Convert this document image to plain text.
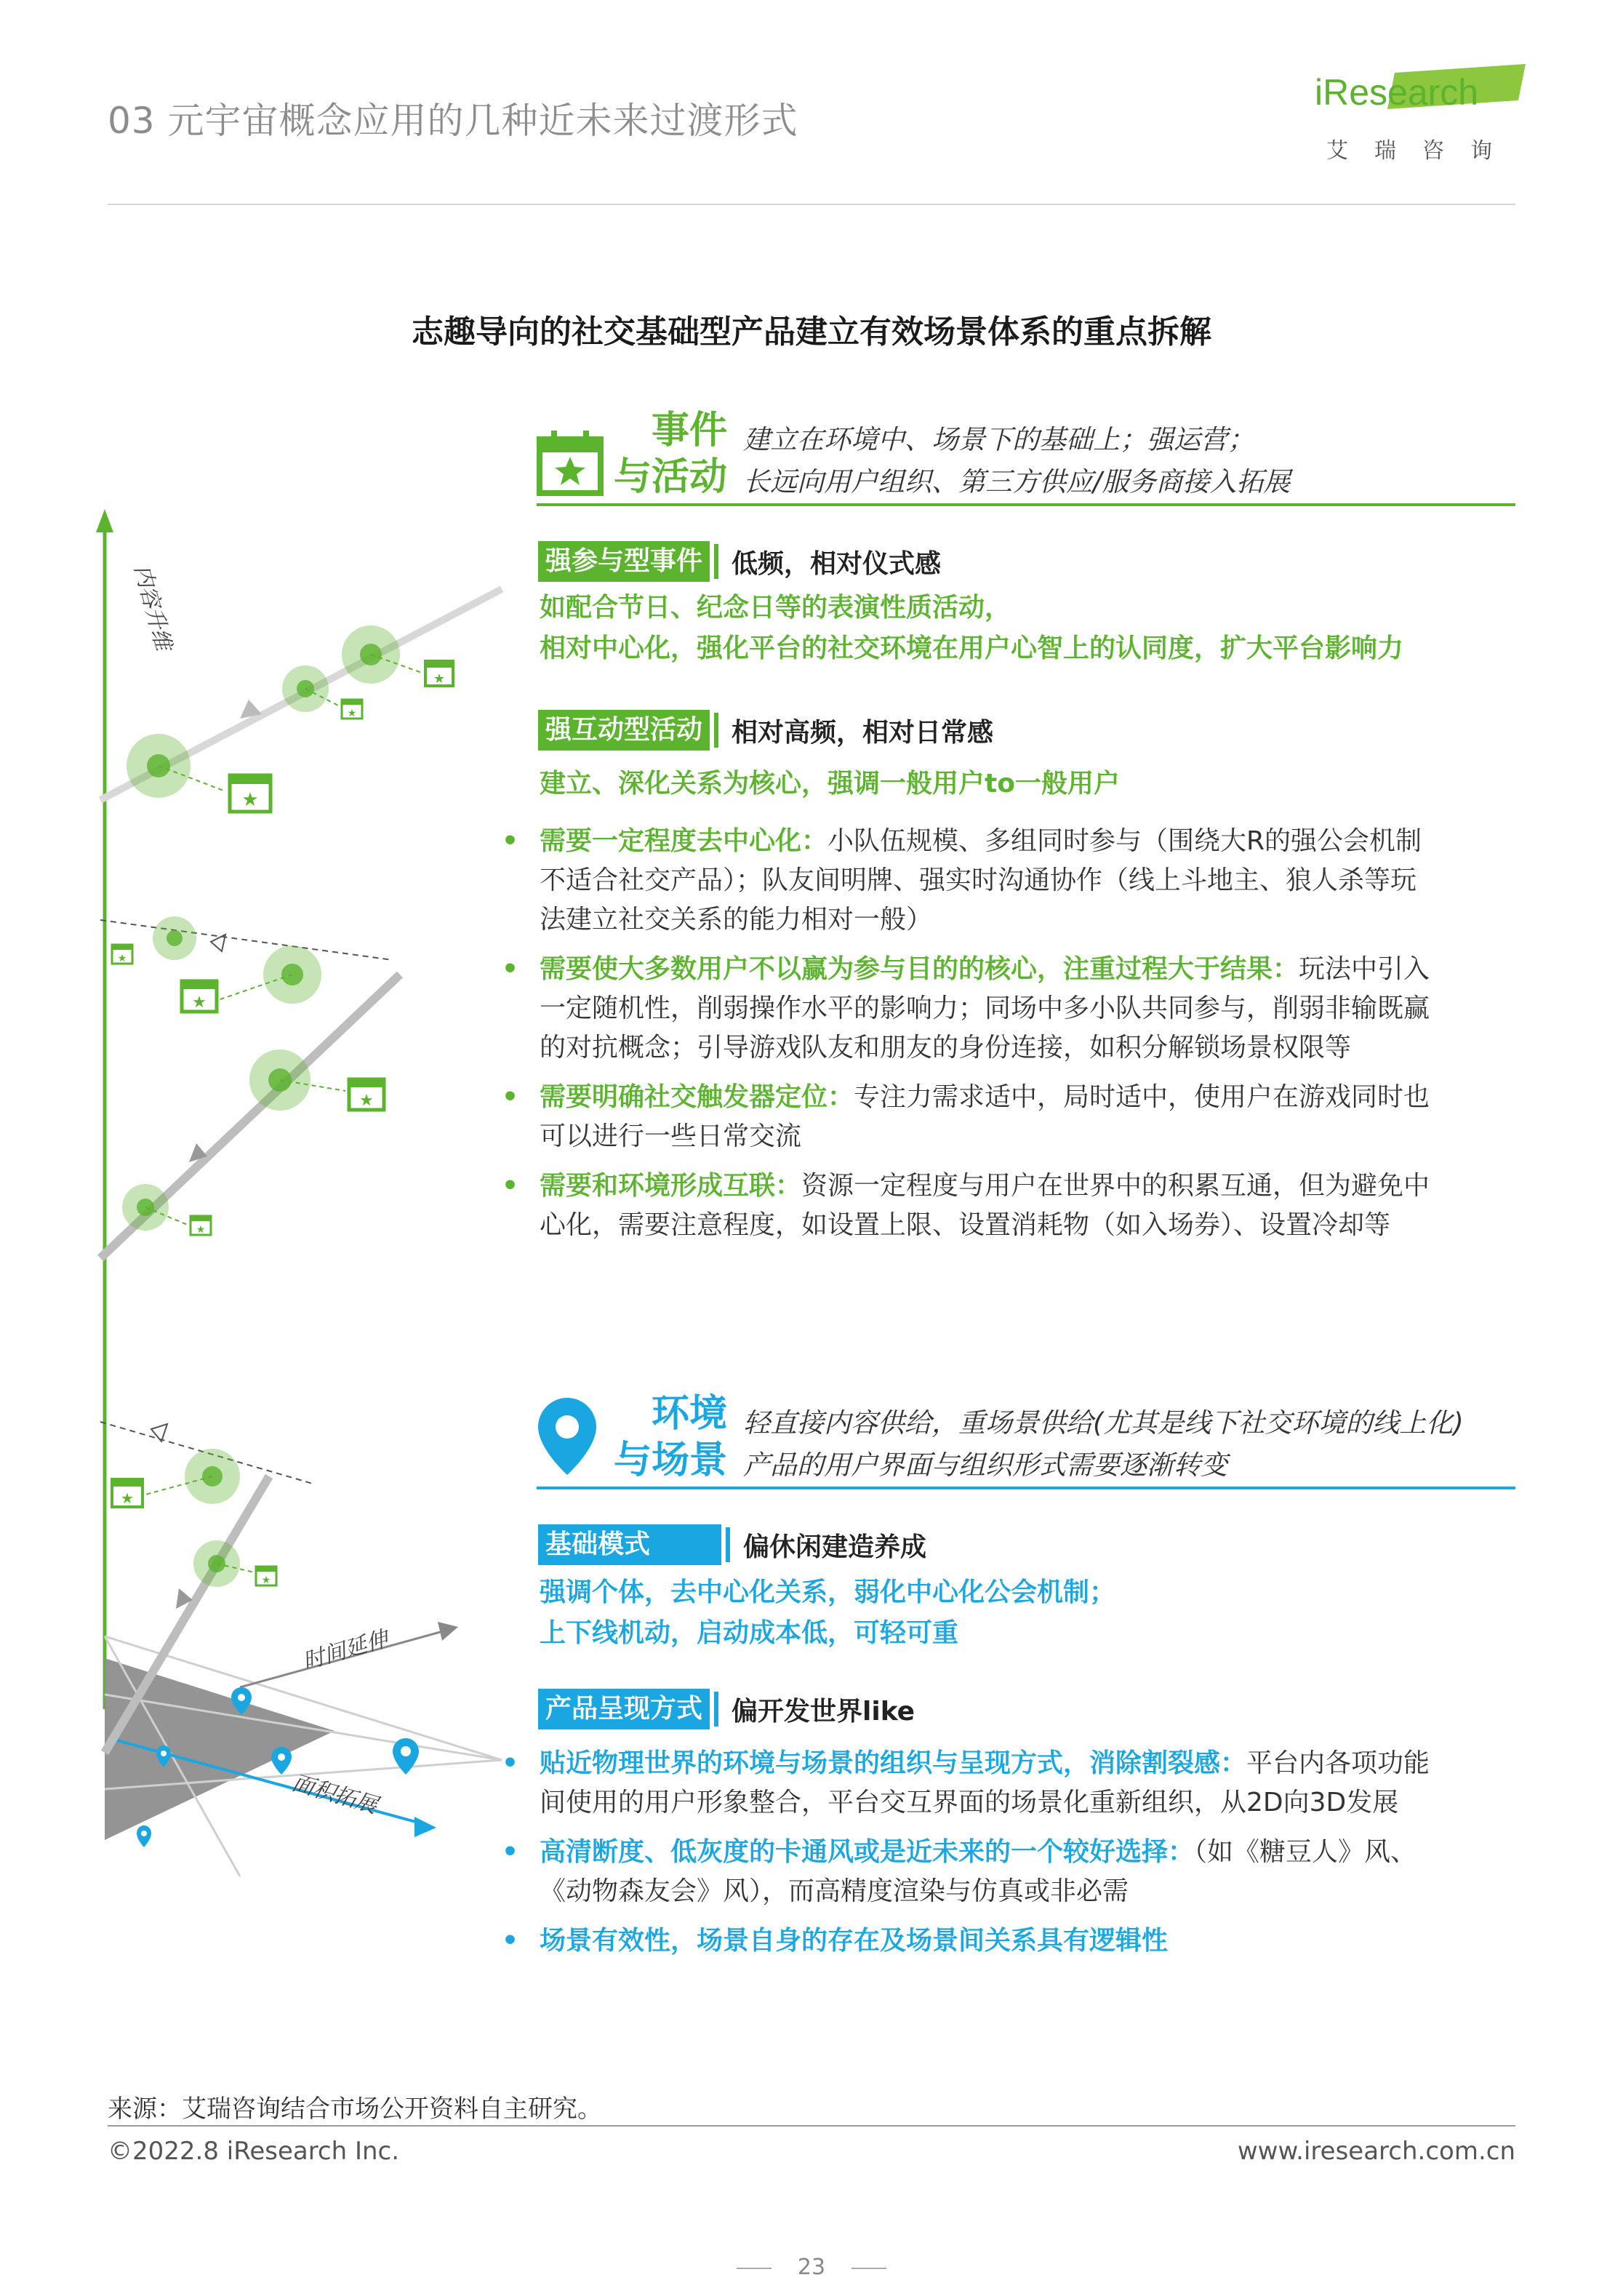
03 元宇宙概念应用的几种近未来过渡形式
iResearch
艾瑞咨询
志趣导向的社交基础型产品建立有效场景体系的重点拆解
时间延伸
面积拓展
内容升维
★
★
★
★
★
★
★
★
★
事件
与活动
建立在环境中、场景下的基础上；强运营；
长远向用户组织、第三方供应/服务商接入拓展
强参与型事件 低频，相对仪式感
如配合节日、纪念日等的表演性质活动，
相对中心化，强化平台的社交环境在用户心智上的认同度，扩大平台影响力
强互动型活动 相对高频，相对日常感
建立、深化关系为核心，强调一般用户to一般用户
• 需要一定程度去中心化：小队伍规模、多组同时参与（围绕大R的强公会机制
不适合社交产品）；队友间明牌、强实时沟通协作（线上斗地主、狼人杀等玩
法建立社交关系的能力相对一般）
• 需要使大多数用户不以赢为参与目的的核心，注重过程大于结果：玩法中引入
一定随机性，削弱操作水平的影响力；同场中多小队共同参与，削弱非输既赢
的对抗概念；引导游戏队友和朋友的身份连接，如积分解锁场景权限等
• 需要明确社交触发器定位：专注力需求适中，局时适中，使用户在游戏同时也
可以进行一些日常交流
• 需要和环境形成互联：资源一定程度与用户在世界中的积累互通，但为避免中
心化，需要注意程度，如设置上限、设置消耗物（如入场券）、设置冷却等
环境
与场景
轻直接内容供给，重场景供给(尤其是线下社交环境的线上化)
产品的用户界面与组织形式需要逐渐转变
基础模式	偏休闲建造养成
强调个体，去中心化关系，弱化中心化公会机制；
上下线机动，启动成本低，可轻可重
产品呈现方式 偏开发世界like
• 贴近物理世界的环境与场景的组织与呈现方式，消除割裂感：平台内各项功能
间使用的用户形象整合，平台交互界面的场景化重新组织，从2D向3D发展
• 高清断度、低灰度的卡通风或是近未来的一个较好选择：（如《糖豆人》风、
《动物森友会》风），而高精度渲染与仿真或非必需
• 场景有效性，场景自身的存在及场景间关系具有逻辑性
来源：艾瑞咨询结合市场公开资料自主研究。
©2022.8 iResearch Inc.	www.iresearch.com.cn
23
